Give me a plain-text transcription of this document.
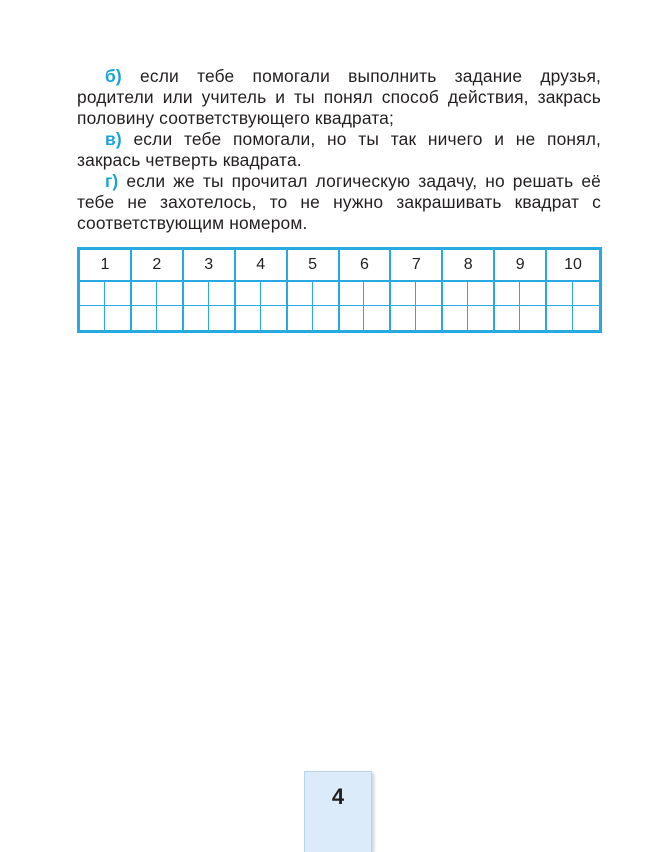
б) если тебе помогали выполнить задание друзья, родители или учитель и ты понял способ действия, закрась половину соответствующего квадрата;

в) если тебе помогали, но ты так ничего и не понял, закрась четверть квадрата.

г) если же ты прочитал логическую задачу, но решать её тебе не захотелось, то не нужно закрашивать квадрат с соответствующим номером.

1	2	3	4	5	6	7	8	9	10
4
